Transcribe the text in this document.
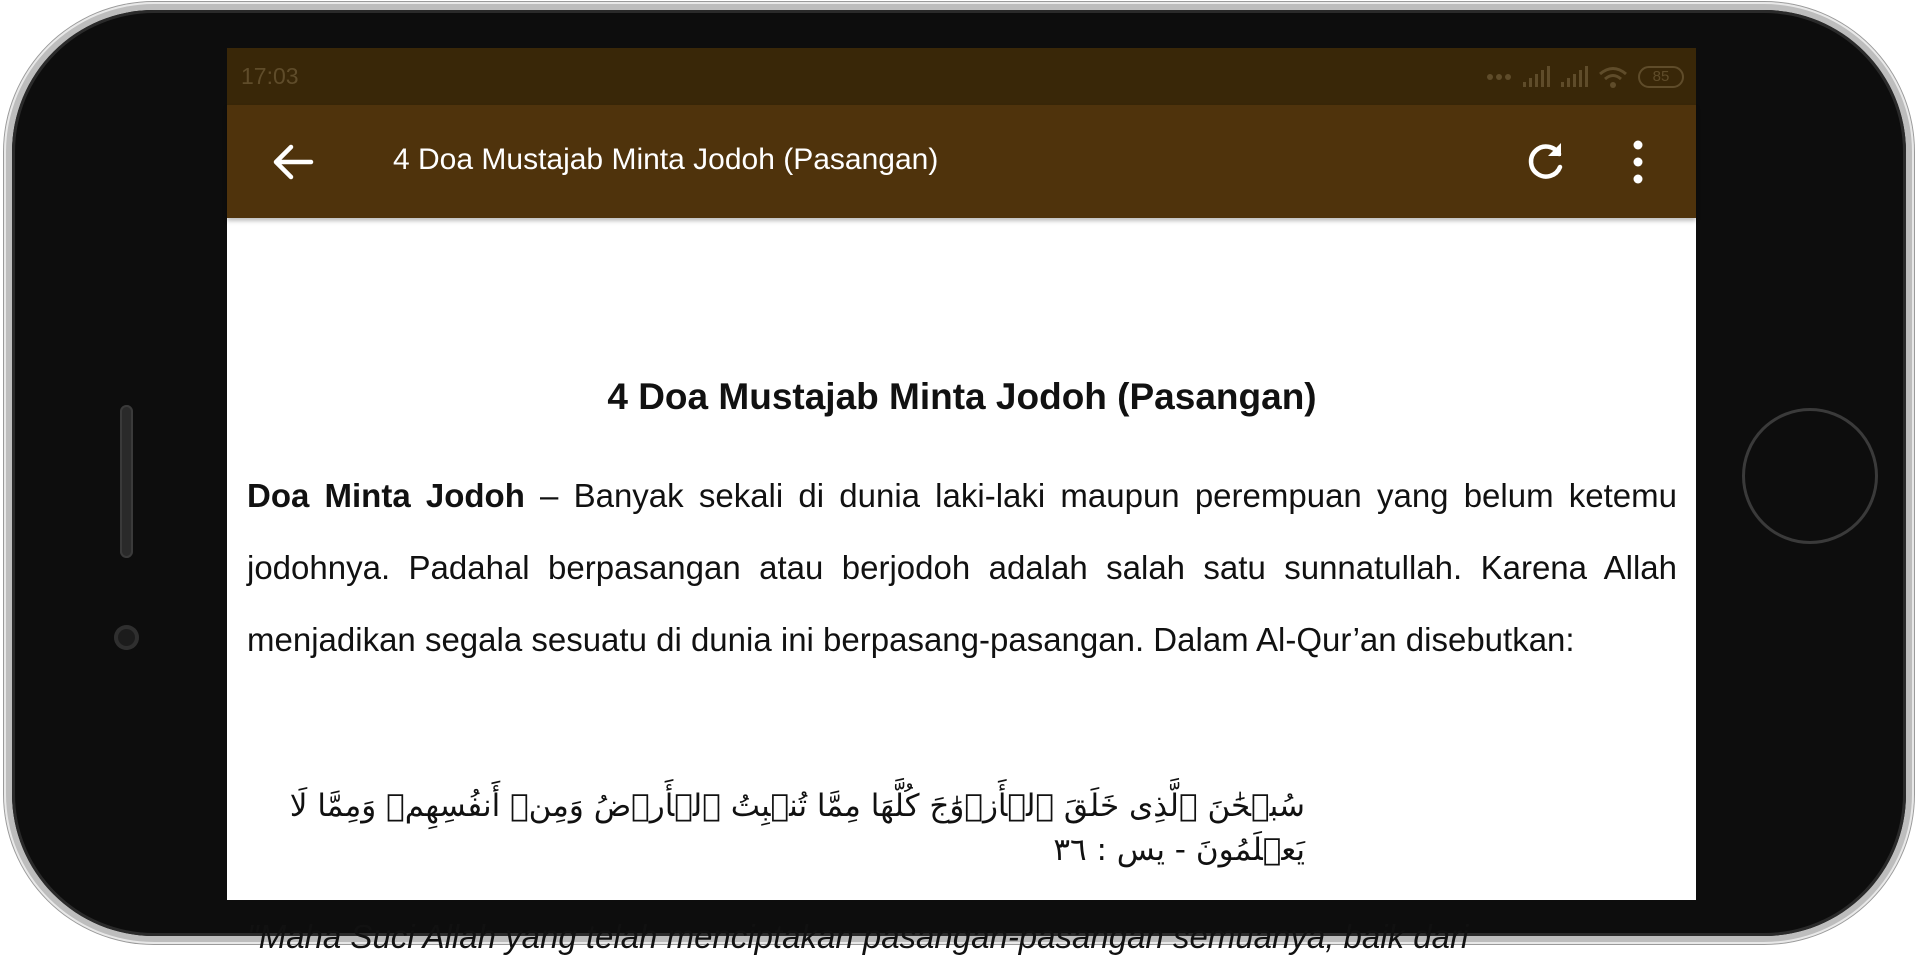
17:03	85
4 Doa Mustajab Minta Jodoh (Pasangan)
4 Doa Mustajab Minta Jodoh (Pasangan)

Doa Minta Jodoh – Banyak sekali di dunia laki-laki maupun perempuan yang belum ketemu jodohnya. Padahal berpasangan atau berjodoh adalah salah satu sunnatullah. Karena Allah menjadikan segala sesuatu di dunia ini berpasang-pasangan. Dalam Al-Qur’an disebutkan:

سُبۡحَٰنَ ٱلَّذِی خَلَقَ ٱلۡأَزۡوَٰجَ كُلَّهَا مِمَّا تُنۢبِتُ ٱلۡأَرۡضُ وَمِنۡ أَنفُسِهِمۡ وَمِمَّا لَا يَعۡلَمُونَ - يس : ٣٦

"Maha Suci Allah yang telah menciptakan pasangan-pasangan semuanya, baik dari
